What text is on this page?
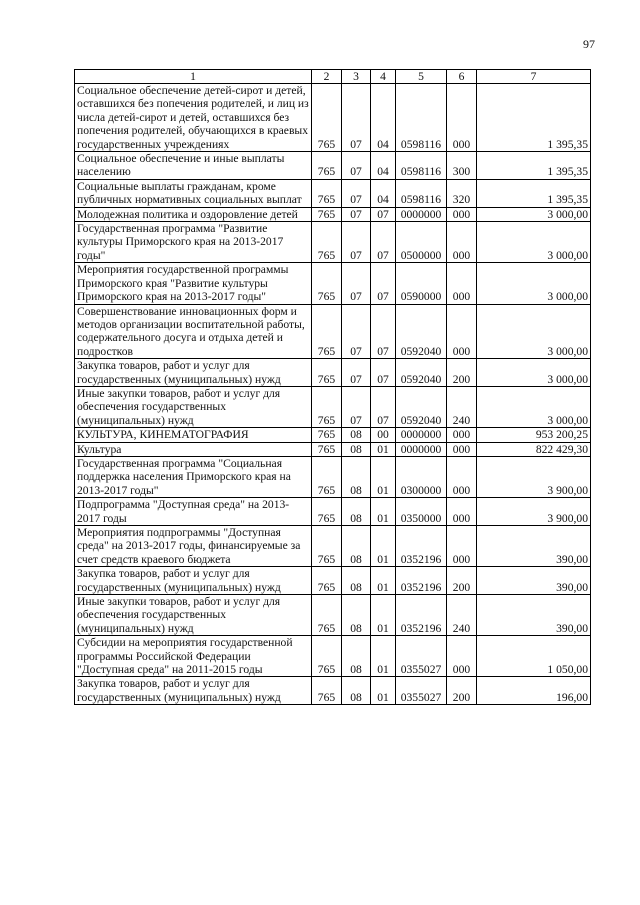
97
1	2	3	4	5	6	7
Социальное обеспечение детей-сирот и детей, оставшихся без попечения родителей, и лиц из числа детей-сирот и детей, оставшихся без попечения родителей, обучающихся в краевых государственных учреждениях	765	07	04	0598116	000	1 395,35
Социальное обеспечение и иные выплаты населению	765	07	04	0598116	300	1 395,35
Социальные выплаты гражданам, кроме публичных нормативных социальных выплат	765	07	04	0598116	320	1 395,35
Молодежная политика и оздоровление детей	765	07	07	0000000	000	3 000,00
Государственная программа "Развитие культуры Приморского края на 2013-2017 годы"	765	07	07	0500000	000	3 000,00
Мероприятия государственной программы Приморского края "Развитие культуры Приморского края на 2013-2017 годы"	765	07	07	0590000	000	3 000,00
Совершенствование инновационных форм и методов организации воспитательной работы, содержательного досуга и отдыха детей и подростков	765	07	07	0592040	000	3 000,00
Закупка товаров, работ и услуг для государственных (муниципальных) нужд	765	07	07	0592040	200	3 000,00
Иные закупки товаров, работ и услуг для обеспечения государственных (муниципальных) нужд	765	07	07	0592040	240	3 000,00
КУЛЬТУРА, КИНЕМАТОГРАФИЯ	765	08	00	0000000	000	953 200,25
Культура	765	08	01	0000000	000	822 429,30
Государственная программа "Социальная поддержка населения Приморского края на 2013-2017 годы"	765	08	01	0300000	000	3 900,00
Подпрограмма "Доступная среда" на 2013-2017 годы	765	08	01	0350000	000	3 900,00
Мероприятия подпрограммы "Доступная среда" на 2013-2017 годы, финансируемые за счет средств краевого бюджета	765	08	01	0352196	000	390,00
Закупка товаров, работ и услуг для государственных (муниципальных) нужд	765	08	01	0352196	200	390,00
Иные закупки товаров, работ и услуг для обеспечения государственных (муниципальных) нужд	765	08	01	0352196	240	390,00
Субсидии на мероприятия государственной программы Российской Федерации "Доступная среда" на 2011-2015 годы	765	08	01	0355027	000	1 050,00
Закупка товаров, работ и услуг для государственных (муниципальных) нужд	765	08	01	0355027	200	196,00
